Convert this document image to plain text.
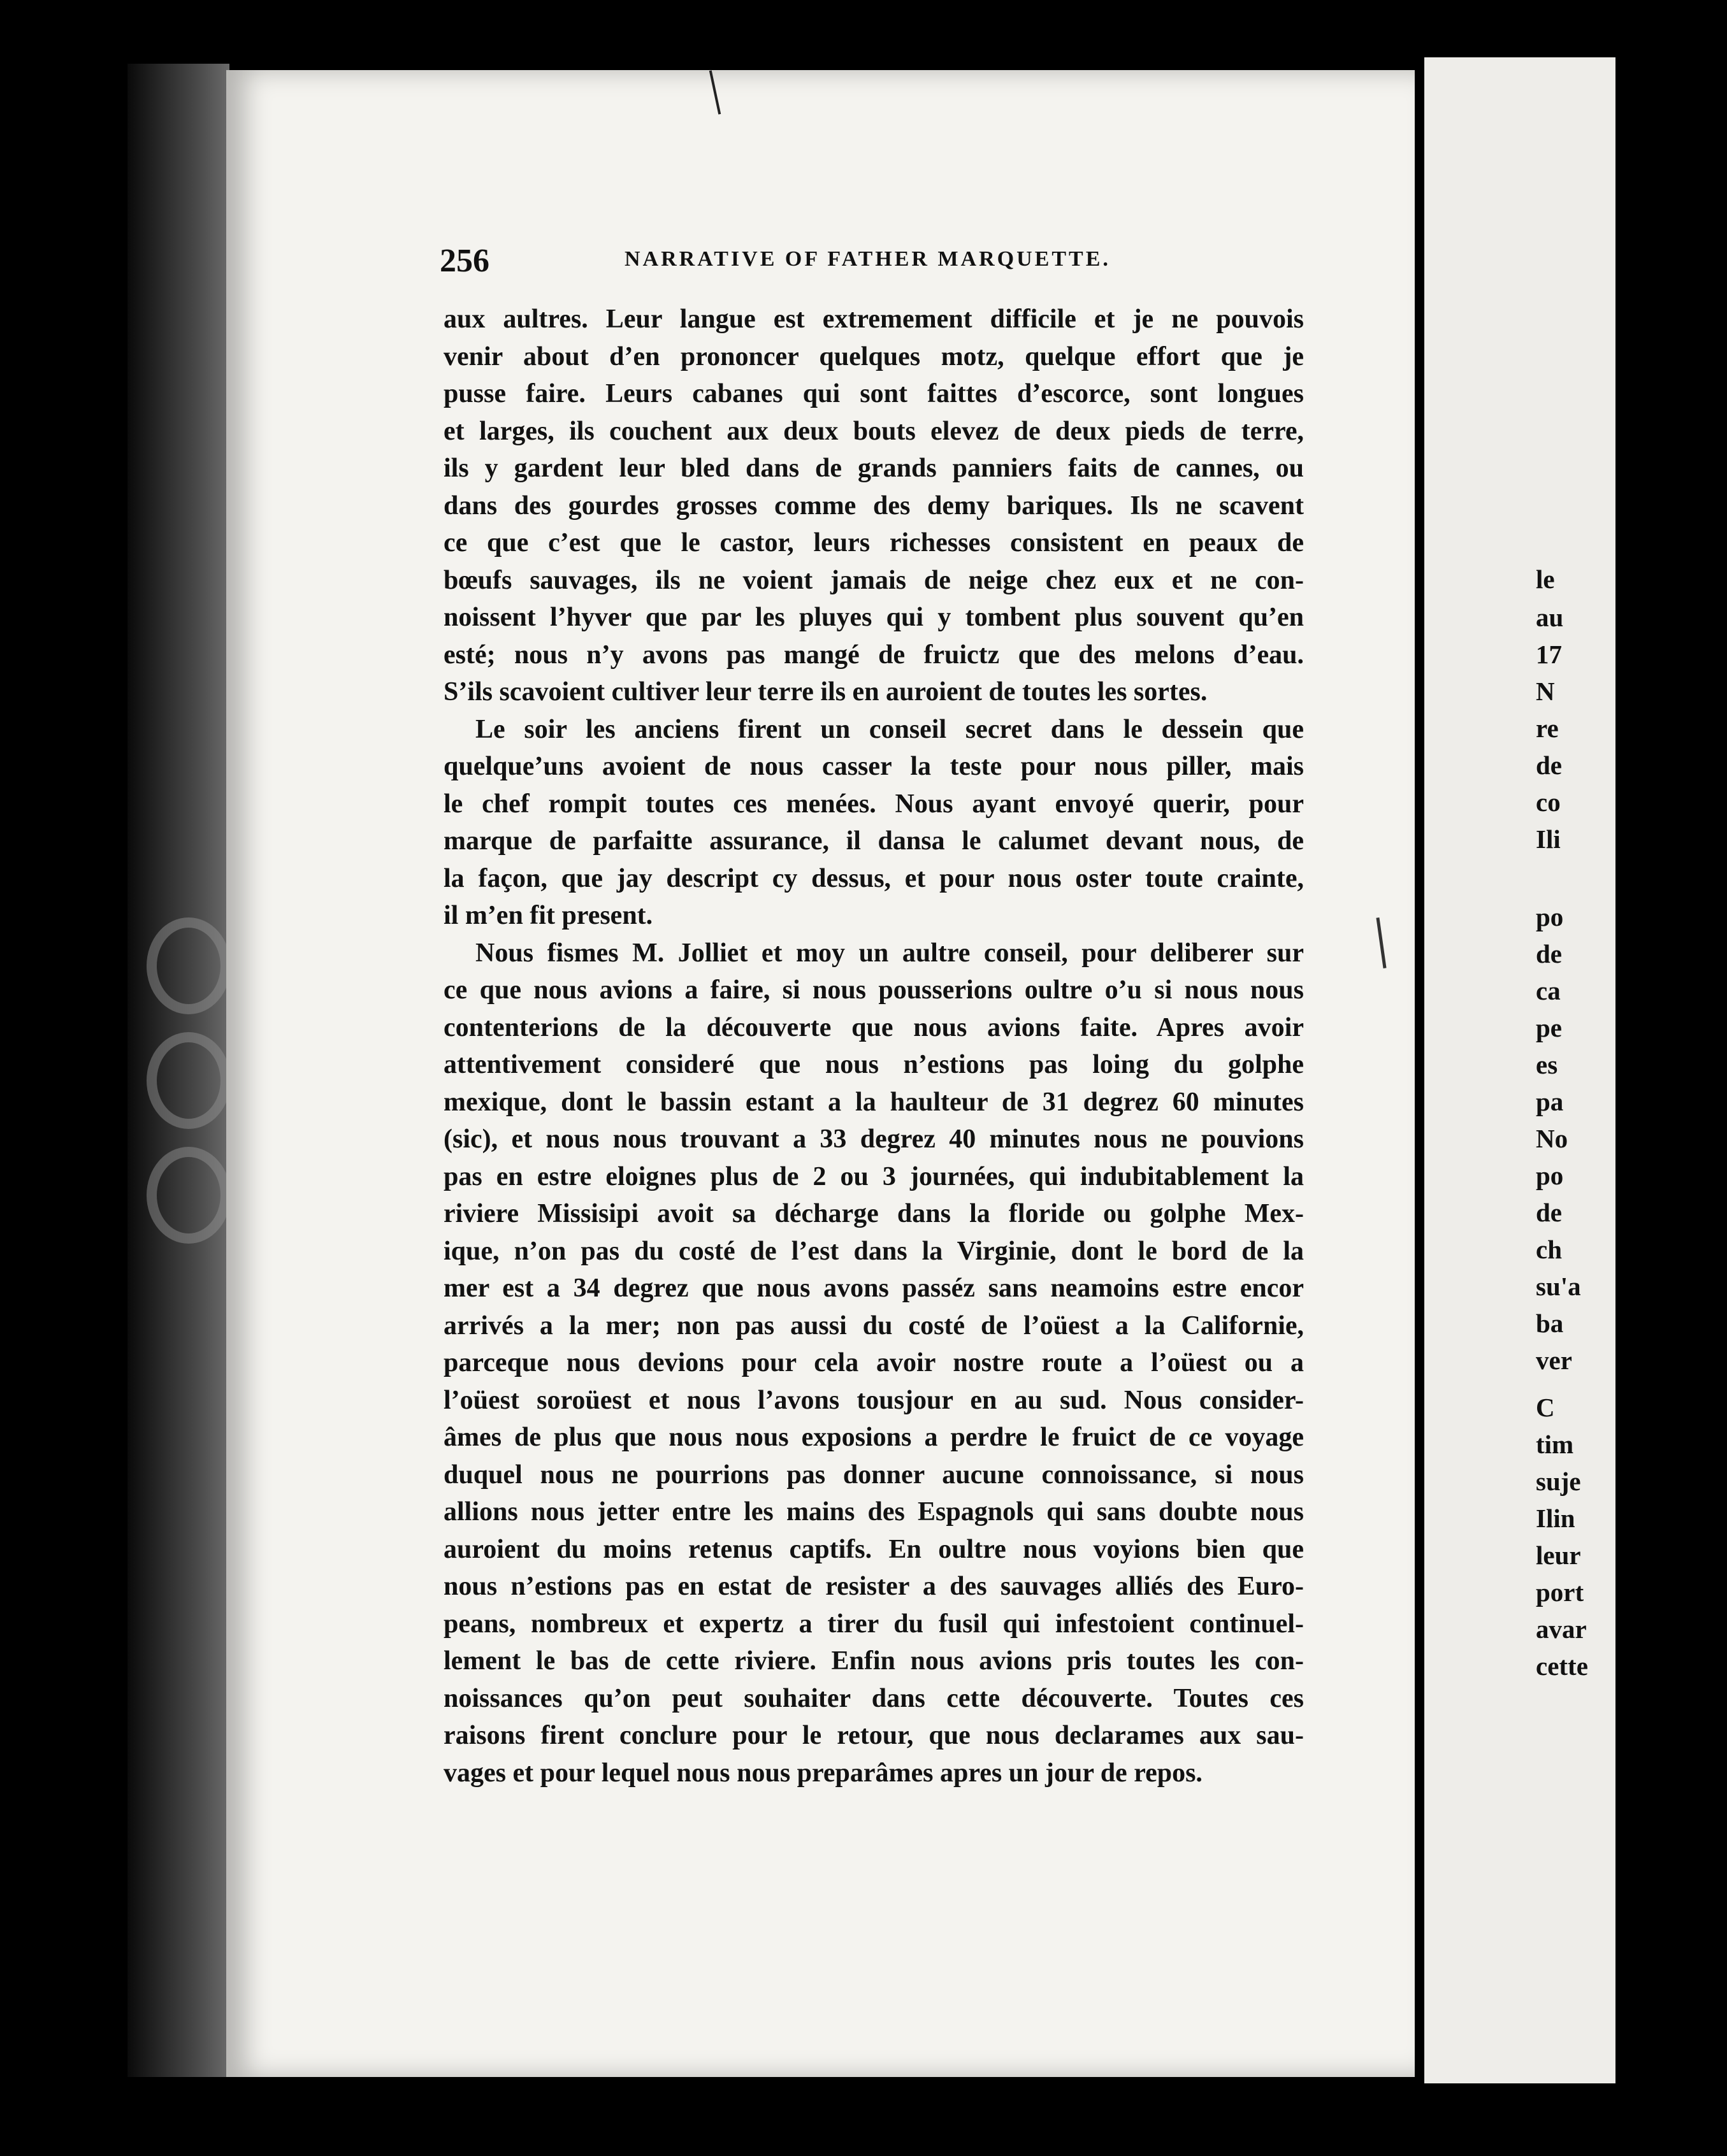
le
au
17
N
re
de
co
Ili
po
de
ca
pe
es
pa
No
po
de
ch
su'a
ba
ver
C
tim
suje
Ilin
leur
port
avar
cette
256	NARRATIVE OF FATHER MARQUETTE.
aux aultres. Leur langue est extremement difficile et je ne pouvois
venir about d’en prononcer quelques motz, quelque effort que je
pusse faire. Leurs cabanes qui sont faittes d’escorce, sont longues
et larges, ils couchent aux deux bouts elevez de deux pieds de terre,
ils y gardent leur bled dans de grands panniers faits de cannes, ou
dans des gourdes grosses comme des demy bariques. Ils ne scavent
ce que c’est que le castor, leurs richesses consistent en peaux de
bœufs sauvages, ils ne voient jamais de neige chez eux et ne con-
noissent l’hyver que par les pluyes qui y tombent plus souvent qu’en
esté; nous n’y avons pas mangé de fruictz que des melons d’eau.
S’ils scavoient cultiver leur terre ils en auroient de toutes les sortes.
Le soir les anciens firent un conseil secret dans le dessein que
quelque’uns avoient de nous casser la teste pour nous piller, mais
le chef rompit toutes ces menées. Nous ayant envoyé querir, pour
marque de parfaitte assurance, il dansa le calumet devant nous, de
la façon, que jay descript cy dessus, et pour nous oster toute crainte,
il m’en fit present.
Nous fismes M. Jolliet et moy un aultre conseil, pour deliberer sur
ce que nous avions a faire, si nous pousserions oultre o’u si nous nous
contenterions de la découverte que nous avions faite. Apres avoir
attentivement consideré que nous n’estions pas loing du golphe
mexique, dont le bassin estant a la haulteur de 31 degrez 60 minutes
(sic), et nous nous trouvant a 33 degrez 40 minutes nous ne pouvions
pas en estre eloignes plus de 2 ou 3 journées, qui indubitablement la
riviere Missisipi avoit sa décharge dans la floride ou golphe Mex-
ique, n’on pas du costé de l’est dans la Virginie, dont le bord de la
mer est a 34 degrez que nous avons passéz sans neamoins estre encor
arrivés a la mer; non pas aussi du costé de l’oüest a la Californie,
parceque nous devions pour cela avoir nostre route a l’oüest ou a
l’oüest soroüest et nous l’avons tousjour en au sud. Nous consider-
âmes de plus que nous nous exposions a perdre le fruict de ce voyage
duquel nous ne pourrions pas donner aucune connoissance, si nous
allions nous jetter entre les mains des Espagnols qui sans doubte nous
auroient du moins retenus captifs. En oultre nous voyions bien que
nous n’estions pas en estat de resister a des sauvages alliés des Euro-
peans, nombreux et expertz a tirer du fusil qui infestoient continuel-
lement le bas de cette riviere. Enfin nous avions pris toutes les con-
noissances qu’on peut souhaiter dans cette découverte. Toutes ces
raisons firent conclure pour le retour, que nous declarames aux sau-
vages et pour lequel nous nous preparâmes apres un jour de repos.
